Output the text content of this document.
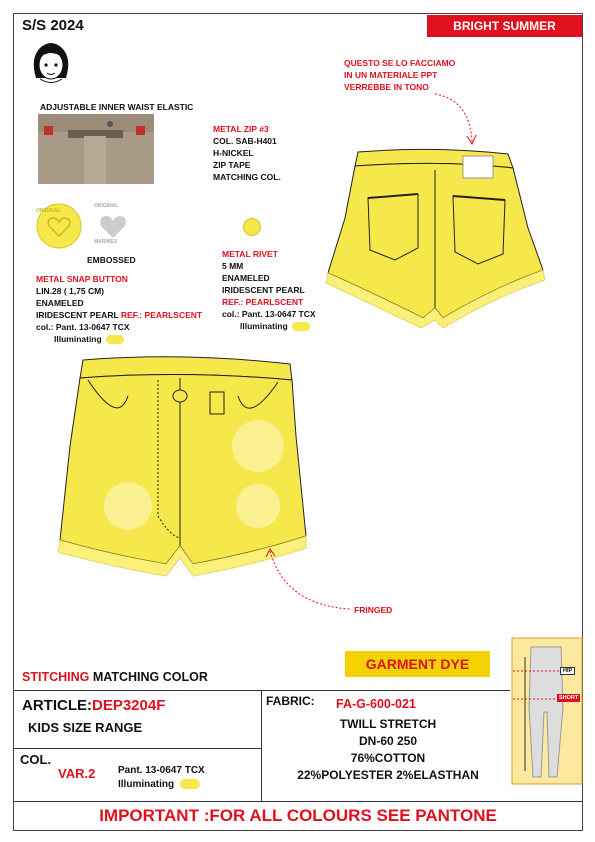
S/S 2024	BRIGHT SUMMER
ADJUSTABLE INNER WAIST ELASTIC
QUESTO SE LO FACCIAMO
IN UN MATERIALE PPT
VERREBBE IN TONO
METAL ZIP #3
COL. SAB-H401
H-NICKEL
ZIP TAPE
MATCHING COL.
ORIGINAL
ORIGINAL
MARINES
EMBOSSED
METAL RIVET
5 MM
ENAMELED
IRIDESCENT PEARL
REF.: PEARLSCENT
col.: Pant. 13-0647 TCX
Illuminating
METAL SNAP BUTTON
LIN.28 ( 1,75 CM)
ENAMELED
IRIDESCENT PEARL REF.: PEARLSCENT
col.: Pant. 13-0647 TCX
Illuminating
FRINGED
STITCHING MATCHING COLOR
GARMENT DYE	HIP
SHORT
ARTICLE:DEP3204F
KIDS SIZE RANGE
COL.
VAR.2 Pant. 13-0647 TCX
Illuminating
FABRIC: FA-G-600-021
TWILL STRETCH
DN-60 250
76%COTTON
22%POLYESTER 2%ELASTHAN
IMPORTANT :FOR ALL COLOURS SEE PANTONE
